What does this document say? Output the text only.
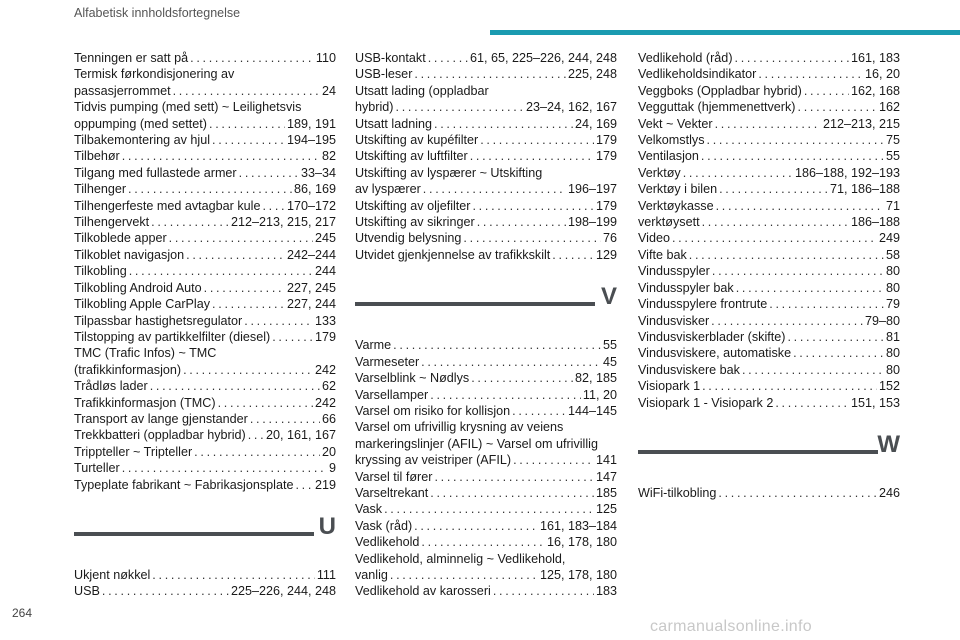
Alfabetisk innholdsfortegnelse
Tenningen er satt på . . .	110
Termisk førkondisjonering av
passasjerrommet . . .	24
Tidvis pumping (med sett) ~ Leilighetsvis
oppumping (med settet) . . .	189, 191
Tilbakemontering av hjul . . .	194–195
Tilbehør . . .	82
Tilgang med fullastede armer . . .	33–34
Tilhenger . . .	86, 169
Tilhengerfeste med avtagbar kule . . . 170–172
Tilhengervekt . . .	212–213, 215, 217
Tilkoblede apper . . .	245
Tilkoblet navigasjon . . .	242–244
Tilkobling . . .	244
Tilkobling Android Auto . . .	227, 245
Tilkobling Apple CarPlay . . .	227, 244
Tilpassbar hastighetsregulator . . .	133
Tilstopping av partikkelfilter (diesel) . . .	179
TMC (Trafic Infos) ~ TMC
(trafikkinformasjon) . . .	242
Trådløs lader . . .	62
Trafikkinformasjon (TMC) . . .	242
Transport av lange gjenstander . . .	66
Trekkbatteri (oppladbar hybrid) . . . 20, 161, 167
Trippteller ~ Tripteller . . .	20
Turteller . . .	9
Typeplate fabrikant ~ Fabrikasjonsplate . . . 219
U
Ukjent nøkkel . . .	111
USB . . .	225–226, 244, 248
USB-kontakt . . .	61, 65, 225–226, 244, 248
USB-leser . . .	225, 248
Utsatt lading (oppladbar
hybrid) . . .	23–24, 162, 167
Utsatt ladning . . .	24, 169
Utskifting av kupéfilter . . .	179
Utskifting av luftfilter . . .	179
Utskifting av lyspærer ~ Utskifting
av lyspærer . . .	196–197
Utskifting av oljefilter . . .	179
Utskifting av sikringer . . .	198–199
Utvendig belysning . . .	76
Utvidet gjenkjennelse av trafikkskilt . . .	129
V
Varme . . .	55
Varmeseter . . .	45
Varselblink ~ Nødlys . . .	82, 185
Varsellamper . . .	11, 20
Varsel om risiko for kollisjon . . .	144–145
Varsel om ufrivillig krysning av veiens
markeringslinjer (AFIL) ~ Varsel om ufrivillig
kryssing av veistriper (AFIL) . . .	141
Varsel til fører . . .	147
Varseltrekant . . .	185
Vask . . .	125
Vask (råd) . . .	161, 183–184
Vedlikehold . . .	16, 178, 180
Vedlikehold, alminnelig ~ Vedlikehold,
vanlig . . .	125, 178, 180
Vedlikehold av karosseri . . .	183
Vedlikehold (råd) . . .	161, 183
Vedlikeholdsindikator . . .	16, 20
Veggboks (Oppladbar hybrid) . . .	162, 168
Vegguttak (hjemmenettverk) . . .	162
Vekt ~ Vekter . . .	212–213, 215
Velkomstlys . . .	75
Ventilasjon . . .	55
Verktøy . . .	186–188, 192–193
Verktøy i bilen . . .	71, 186–188
Verktøykasse . . .	71
verktøysett . . .	186–188
Video . . .	249
Vifte bak . . .	58
Vindusspyler . . .	80
Vindusspyler bak . . .	80
Vindusspylere frontrute . . .	79
Vindusvisker . . .	79–80
Vindusviskerblader (skifte) . . .	81
Vindusviskere, automatiske . . .	80
Vindusviskere bak . . .	80
Visiopark 1 . . .	152
Visiopark 1 - Visiopark 2 . . .	151, 153
W
WiFi-tilkobling . . .	246
264
carmanualsonline.info
